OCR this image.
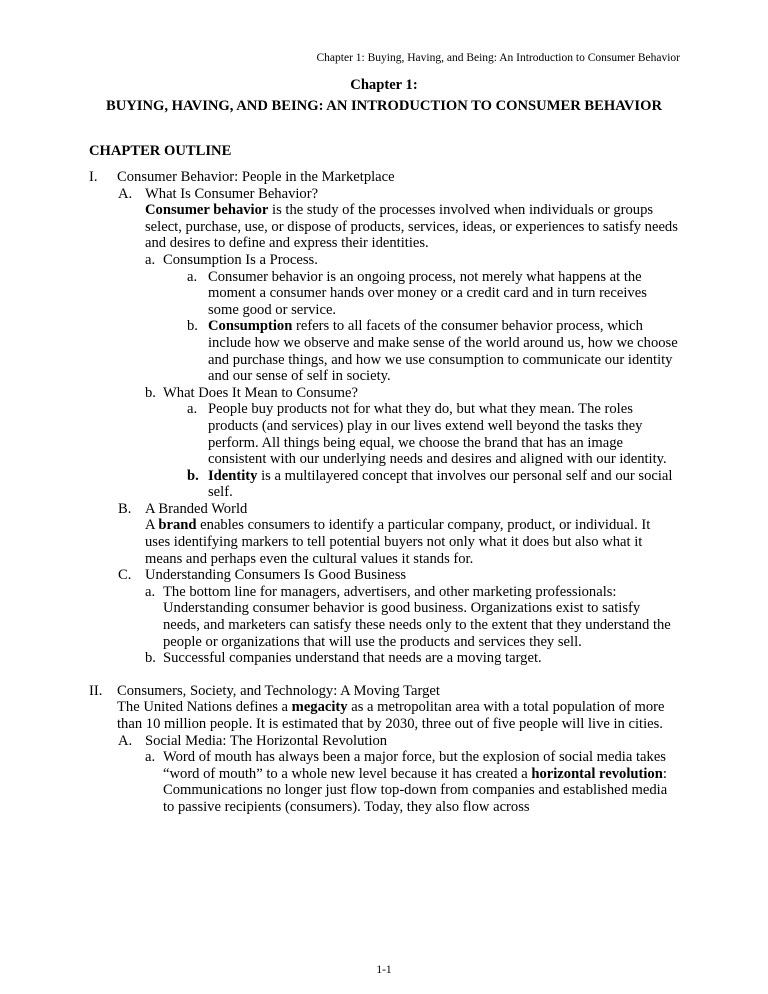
Chapter 1: Buying, Having, and Being: An Introduction to Consumer Behavior
Chapter 1:
BUYING, HAVING, AND BEING: AN INTRODUCTION TO CONSUMER BEHAVIOR
CHAPTER OUTLINE
I. Consumer Behavior: People in the Marketplace
A. What Is Consumer Behavior?
Consumer behavior is the study of the processes involved when individuals or groups select, purchase, use, or dispose of products, services, ideas, or experiences to satisfy needs and desires to define and express their identities.
a. Consumption Is a Process.
a. Consumer behavior is an ongoing process, not merely what happens at the moment a consumer hands over money or a credit card and in turn receives some good or service.
b. Consumption refers to all facets of the consumer behavior process, which include how we observe and make sense of the world around us, how we choose and purchase things, and how we use consumption to communicate our identity and our sense of self in society.
b. What Does It Mean to Consume?
a. People buy products not for what they do, but what they mean. The roles products (and services) play in our lives extend well beyond the tasks they perform. All things being equal, we choose the brand that has an image consistent with our underlying needs and desires and aligned with our identity.
b. Identity is a multilayered concept that involves our personal self and our social self.
B. A Branded World
A brand enables consumers to identify a particular company, product, or individual. It uses identifying markers to tell potential buyers not only what it does but also what it means and perhaps even the cultural values it stands for.
C. Understanding Consumers Is Good Business
a. The bottom line for managers, advertisers, and other marketing professionals: Understanding consumer behavior is good business. Organizations exist to satisfy needs, and marketers can satisfy these needs only to the extent that they understand the people or organizations that will use the products and services they sell.
b. Successful companies understand that needs are a moving target.
II. Consumers, Society, and Technology: A Moving Target
The United Nations defines a megacity as a metropolitan area with a total population of more than 10 million people. It is estimated that by 2030, three out of five people will live in cities.
A. Social Media: The Horizontal Revolution
a. Word of mouth has always been a major force, but the explosion of social media takes “word of mouth” to a whole new level because it has created a horizontal revolution: Communications no longer just flow top-down from companies and established media to passive recipients (consumers). Today, they also flow across
1-1
